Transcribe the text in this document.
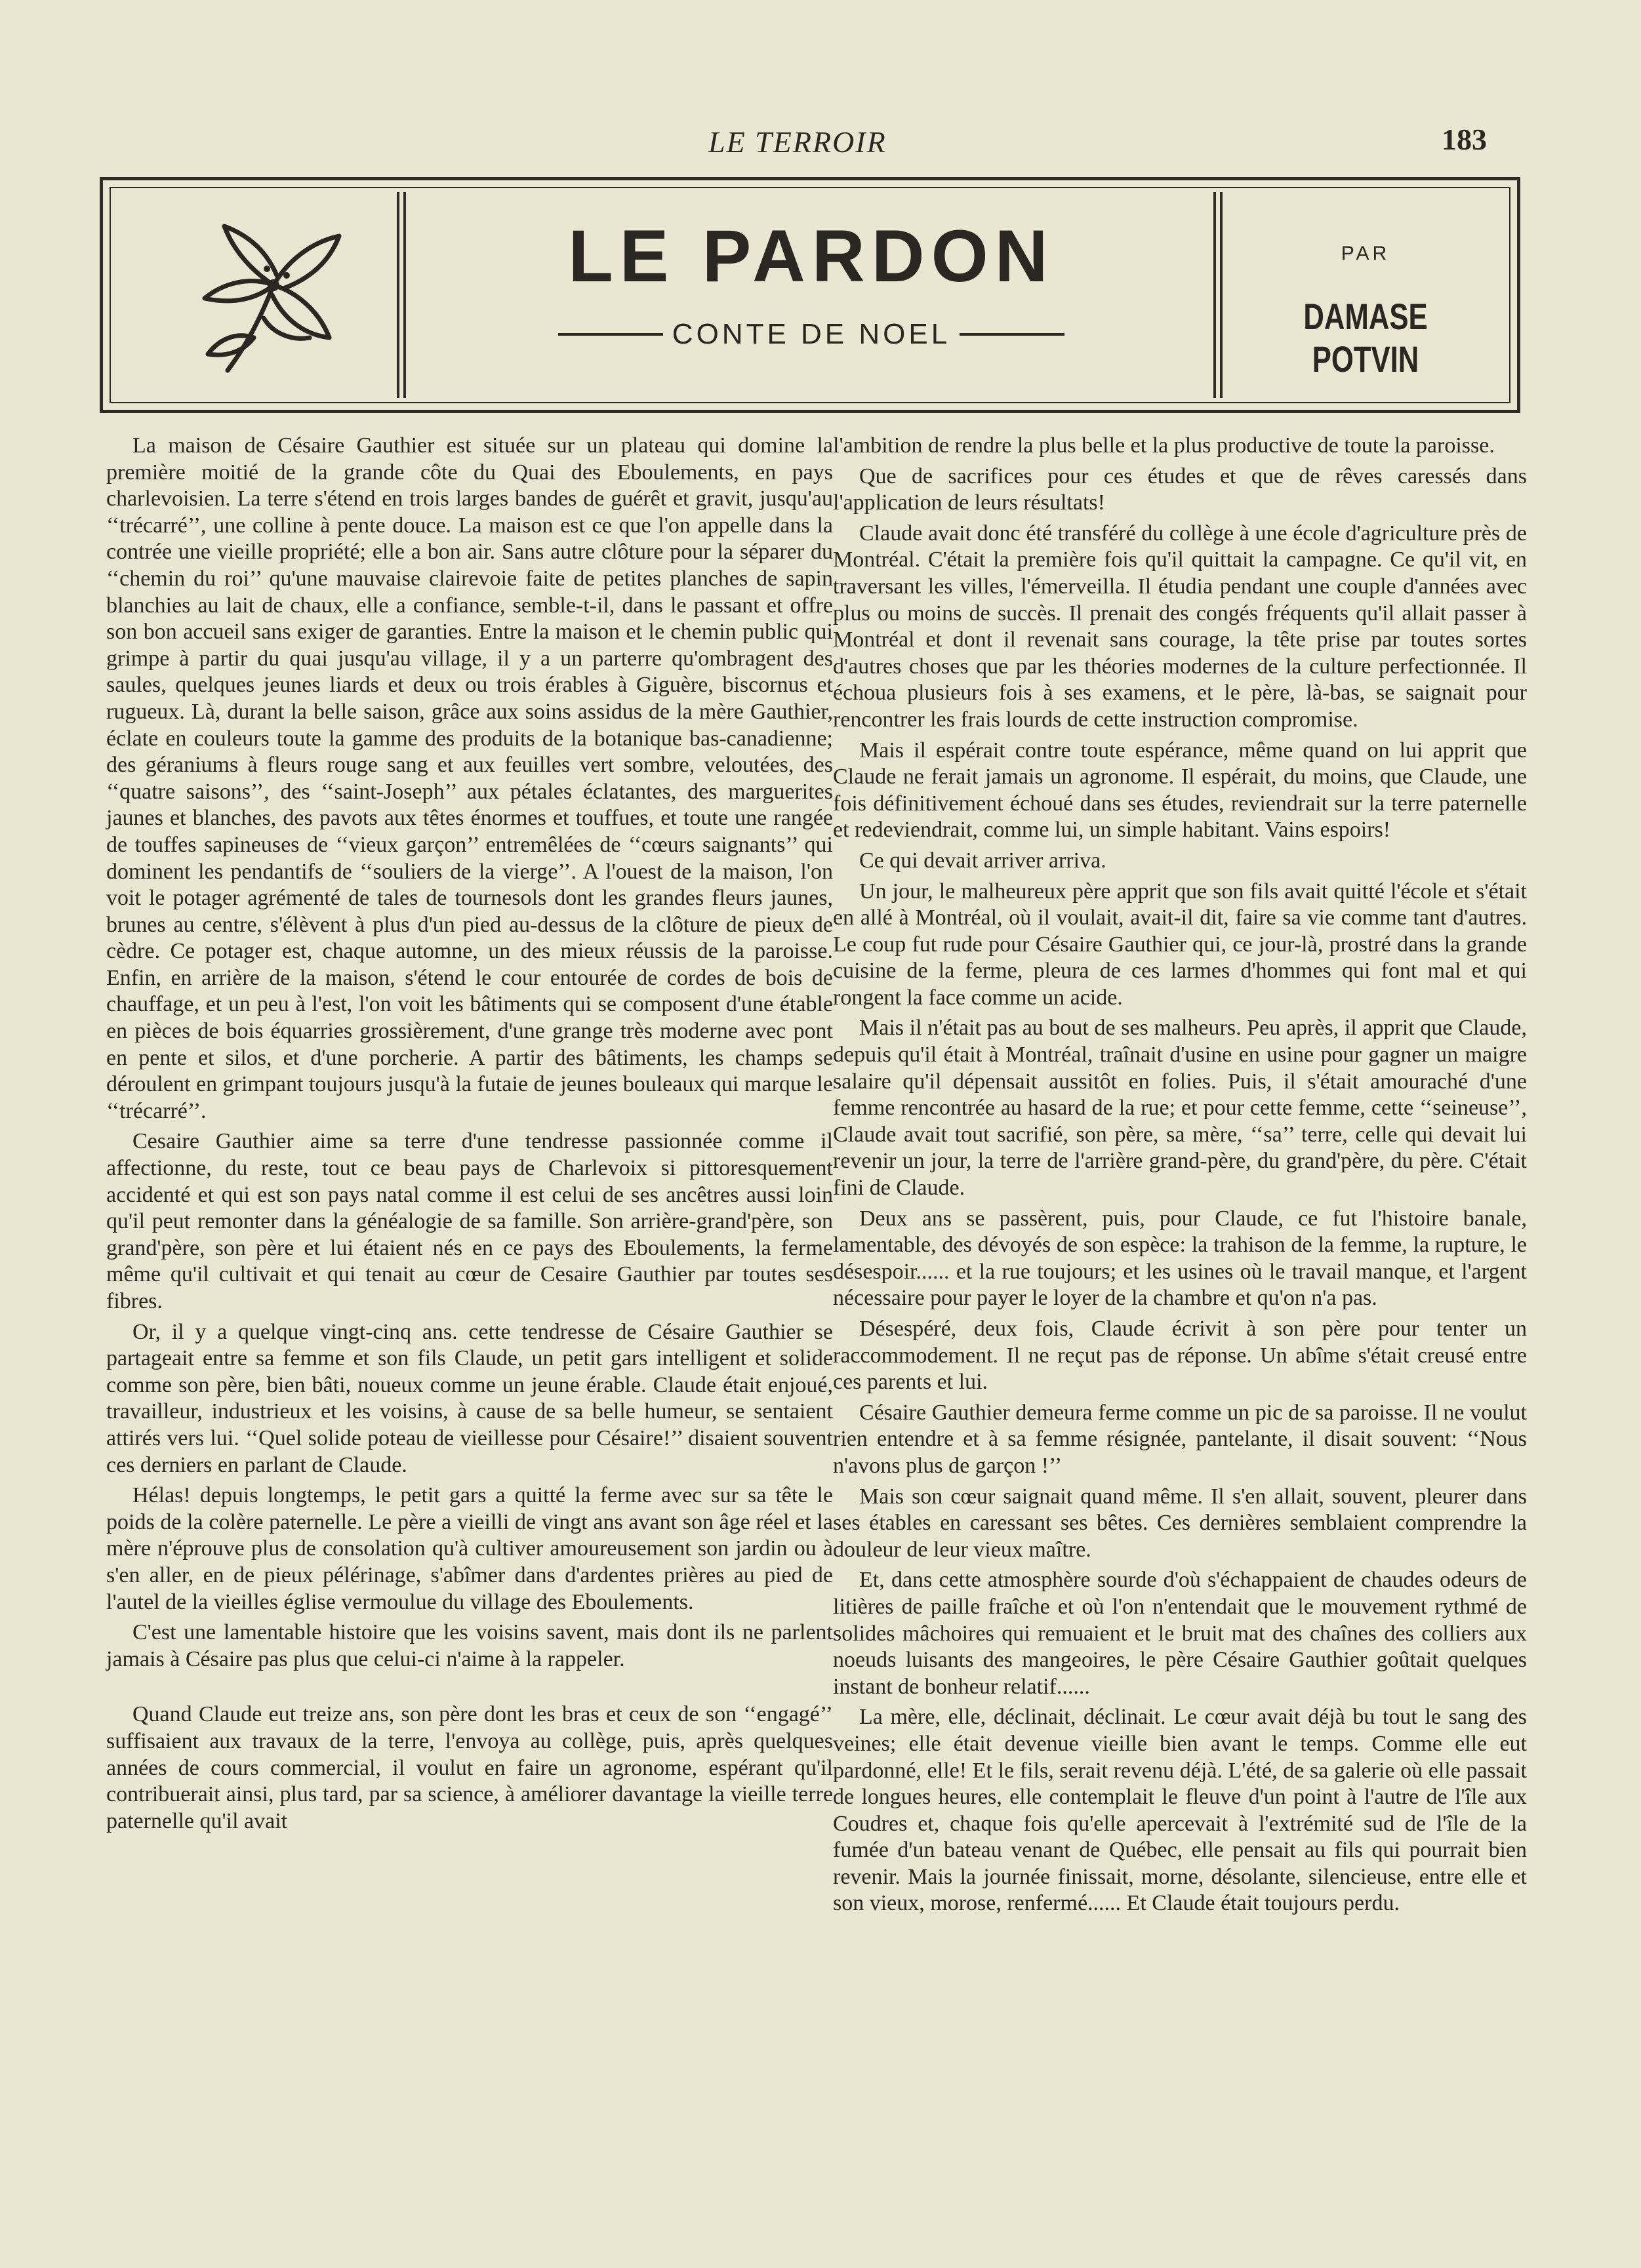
LE TERROIR	183
LE PARDON
CONTE DE NOEL
PAR
DAMASE POTVIN

La maison de Césaire Gauthier est située sur un plateau qui domine la première moitié de la grande côte du Quai des Eboulements, en pays charlevoisien. La terre s'étend en trois larges bandes de guérêt et gravit, jusqu'au ‘‘trécarré’’, une colline à pente douce. La maison est ce que l'on appelle dans la contrée une vieille propriété; elle a bon air. Sans autre clôture pour la séparer du ‘‘chemin du roi’’ qu'une mauvaise clairevoie faite de petites planches de sapin blanchies au lait de chaux, elle a confiance, semble-t-il, dans le passant et offre son bon accueil sans exiger de garanties. Entre la maison et le chemin public qui grimpe à partir du quai jusqu'au village, il y a un parterre qu'ombragent des saules, quelques jeunes liards et deux ou trois érables à Giguère, biscornus et rugueux. Là, durant la belle saison, grâce aux soins assidus de la mère Gauthier, éclate en couleurs toute la gamme des produits de la botanique bas-canadienne; des géraniums à fleurs rouge sang et aux feuilles vert sombre, veloutées, des ‘‘quatre saisons’’, des ‘‘saint-Joseph’’ aux pétales éclatantes, des marguerites jaunes et blanches, des pavots aux têtes énormes et touffues, et toute une rangée de touffes sapineuses de ‘‘vieux garçon’’ entremêlées de ‘‘cœurs saignants’’ qui dominent les pendantifs de ‘‘souliers de la vierge’’. A l'ouest de la maison, l'on voit le potager agrémenté de tales de tournesols dont les grandes fleurs jaunes, brunes au centre, s'élèvent à plus d'un pied au-dessus de la clôture de pieux de cèdre. Ce potager est, chaque automne, un des mieux réussis de la paroisse. Enfin, en arrière de la maison, s'étend le cour entourée de cordes de bois de chauffage, et un peu à l'est, l'on voit les bâtiments qui se composent d'une étable en pièces de bois équarries grossièrement, d'une grange très moderne avec pont en pente et silos, et d'une porcherie. A partir des bâtiments, les champs se déroulent en grimpant toujours jusqu'à la futaie de jeunes bouleaux qui marque le ‘‘trécarré’’.

Cesaire Gauthier aime sa terre d'une tendresse passionnée comme il affectionne, du reste, tout ce beau pays de Charlevoix si pittoresquement accidenté et qui est son pays natal comme il est celui de ses ancêtres aussi loin qu'il peut remonter dans la généalogie de sa famille. Son arrière-grand'père, son grand'père, son père et lui étaient nés en ce pays des Eboulements, la ferme même qu'il cultivait et qui tenait au cœur de Cesaire Gauthier par toutes ses fibres.

Or, il y a quelque vingt-cinq ans. cette tendresse de Césaire Gauthier se partageait entre sa femme et son fils Claude, un petit gars intelligent et solide comme son père, bien bâti, noueux comme un jeune érable. Claude était enjoué, travailleur, industrieux et les voisins, à cause de sa belle humeur, se sentaient attirés vers lui. ‘‘Quel solide poteau de vieillesse pour Césaire!’’ disaient souvent ces derniers en parlant de Claude.

Hélas! depuis longtemps, le petit gars a quitté la ferme avec sur sa tête le poids de la colère paternelle. Le père a vieilli de vingt ans avant son âge réel et la mère n'éprouve plus de consolation qu'à cultiver amoureusement son jardin ou à s'en aller, en de pieux pélérinage, s'abîmer dans d'ardentes prières au pied de l'autel de la vieilles église vermoulue du village des Eboulements.

C'est une lamentable histoire que les voisins savent, mais dont ils ne parlent jamais à Césaire pas plus que celui-ci n'aime à la rappeler.

Quand Claude eut treize ans, son père dont les bras et ceux de son ‘‘engagé’’ suffisaient aux travaux de la terre, l'envoya au collège, puis, après quelques années de cours commercial, il voulut en faire un agronome, espérant qu'il contribuerait ainsi, plus tard, par sa science, à améliorer davantage la vieille terre paternelle qu'il avait

l'ambition de rendre la plus belle et la plus productive de toute la paroisse.

Que de sacrifices pour ces études et que de rêves caressés dans l'application de leurs résultats!

Claude avait donc été transféré du collège à une école d'agriculture près de Montréal. C'était la première fois qu'il quittait la campagne. Ce qu'il vit, en traversant les villes, l'émerveilla. Il étudia pendant une couple d'années avec plus ou moins de succès. Il prenait des congés fréquents qu'il allait passer à Montréal et dont il revenait sans courage, la tête prise par toutes sortes d'autres choses que par les théories modernes de la culture perfectionnée. Il échoua plusieurs fois à ses examens, et le père, là-bas, se saignait pour rencontrer les frais lourds de cette instruction compromise.

Mais il espérait contre toute espérance, même quand on lui apprit que Claude ne ferait jamais un agronome. Il espérait, du moins, que Claude, une fois définitivement échoué dans ses études, reviendrait sur la terre paternelle et redeviendrait, comme lui, un simple habitant. Vains espoirs!

Ce qui devait arriver arriva.

Un jour, le malheureux père apprit que son fils avait quitté l'école et s'était en allé à Montréal, où il voulait, avait-il dit, faire sa vie comme tant d'autres. Le coup fut rude pour Césaire Gauthier qui, ce jour-là, prostré dans la grande cuisine de la ferme, pleura de ces larmes d'hommes qui font mal et qui rongent la face comme un acide.

Mais il n'était pas au bout de ses malheurs. Peu après, il apprit que Claude, depuis qu'il était à Montréal, traînait d'usine en usine pour gagner un maigre salaire qu'il dépensait aussitôt en folies. Puis, il s'était amouraché d'une femme rencontrée au hasard de la rue; et pour cette femme, cette ‘‘seineuse’’, Claude avait tout sacrifié, son père, sa mère, ‘‘sa’’ terre, celle qui devait lui revenir un jour, la terre de l'arrière grand-père, du grand'père, du père. C'était fini de Claude.

Deux ans se passèrent, puis, pour Claude, ce fut l'histoire banale, lamentable, des dévoyés de son espèce: la trahison de la femme, la rupture, le désespoir...... et la rue toujours; et les usines où le travail manque, et l'argent nécessaire pour payer le loyer de la chambre et qu'on n'a pas.

Désespéré, deux fois, Claude écrivit à son père pour tenter un raccommodement. Il ne reçut pas de réponse. Un abîme s'était creusé entre ces parents et lui.

Césaire Gauthier demeura ferme comme un pic de sa paroisse. Il ne voulut rien entendre et à sa femme résignée, pantelante, il disait souvent: ‘‘Nous n'avons plus de garçon !’’

Mais son cœur saignait quand même. Il s'en allait, souvent, pleurer dans ses étables en caressant ses bêtes. Ces dernières semblaient comprendre la douleur de leur vieux maître.

Et, dans cette atmosphère sourde d'où s'échappaient de chaudes odeurs de litières de paille fraîche et où l'on n'entendait que le mouvement rythmé de solides mâchoires qui remuaient et le bruit mat des chaînes des colliers aux noeuds luisants des mangeoires, le père Césaire Gauthier goûtait quelques instant de bonheur relatif......

La mère, elle, déclinait, déclinait. Le cœur avait déjà bu tout le sang des veines; elle était devenue vieille bien avant le temps. Comme elle eut pardonné, elle! Et le fils, serait revenu déjà. L'été, de sa galerie où elle passait de longues heures, elle contemplait le fleuve d'un point à l'autre de l'île aux Coudres et, chaque fois qu'elle apercevait à l'extrémité sud de l'île de la fumée d'un bateau venant de Québec, elle pensait au fils qui pourrait bien revenir. Mais la journée finissait, morne, désolante, silencieuse, entre elle et son vieux, morose, renfermé...... Et Claude était toujours perdu.
